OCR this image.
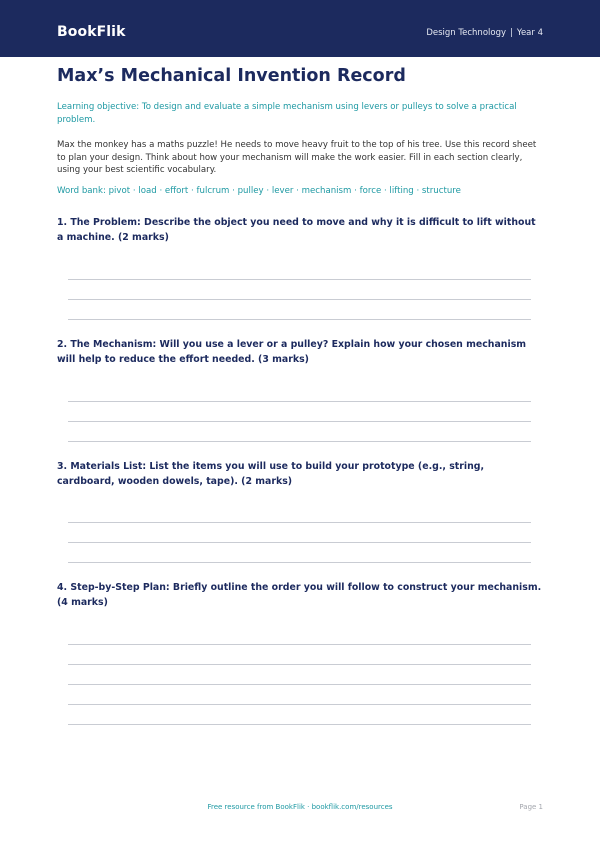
BookFlik	Design Technology | Year 4
Max’s Mechanical Invention Record

Learning objective: To design and evaluate a simple mechanism using levers or pulleys to solve a practical problem.

Max the monkey has a maths puzzle! He needs to move heavy fruit to the top of his tree. Use this record sheet to plan your design. Think about how your mechanism will make the work easier. Fill in each section clearly, using your best scientific vocabulary.

Word bank: pivot · load · effort · fulcrum · pulley · lever · mechanism · force · lifting · structure

1. The Problem: Describe the object you need to move and why it is difficult to lift without a machine. (2 marks)

2. The Mechanism: Will you use a lever or a pulley? Explain how your chosen mechanism will help to reduce the effort needed. (3 marks)

3. Materials List: List the items you will use to build your prototype (e.g., string, cardboard, wooden dowels, tape). (2 marks)

4. Step-by-Step Plan: Briefly outline the order you will follow to construct your mechanism. (4 marks)

Free resource from BookFlik · bookflik.com/resources	Page 1
